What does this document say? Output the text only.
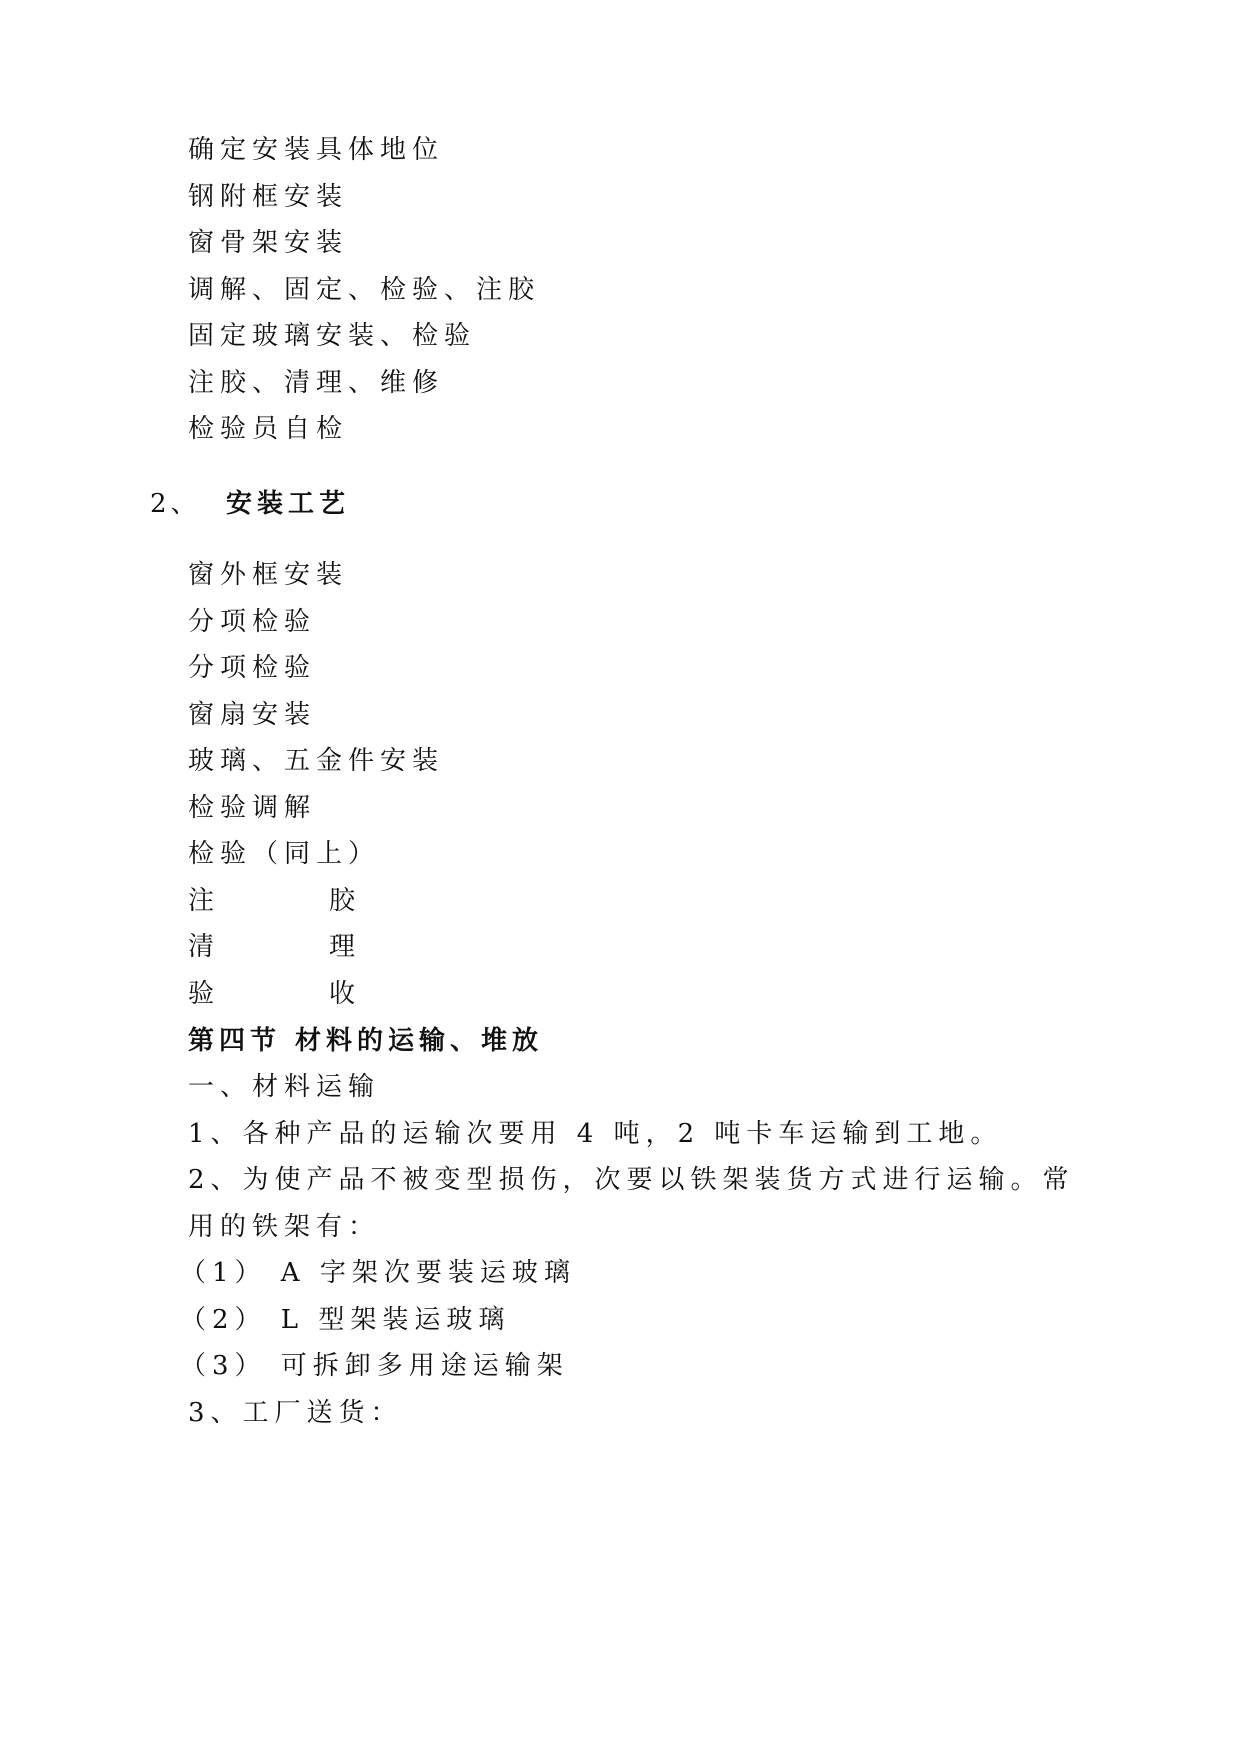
确定安装具体地位
钢附框安装
窗骨架安装
调解、固定、检验、注胶
固定玻璃安装、检验
注胶、清理、维修
检验员自检
2、 安装工艺
窗外框安装
分项检验
分项检验
窗扇安装
玻璃、五金件安装
检验调解
检验（同上）
注	胶
清	理
验	收
第四节 材料的运输、堆放
一、材料运输
1、各种产品的运输次要用 4 吨，2 吨卡车运输到工地。
2、为使产品不被变型损伤，次要以铁架装货方式进行运输。常
用的铁架有：
（1） A 字架次要装运玻璃
（2） L 型架装运玻璃
（3） 可拆卸多用途运输架
3、工厂送货：
